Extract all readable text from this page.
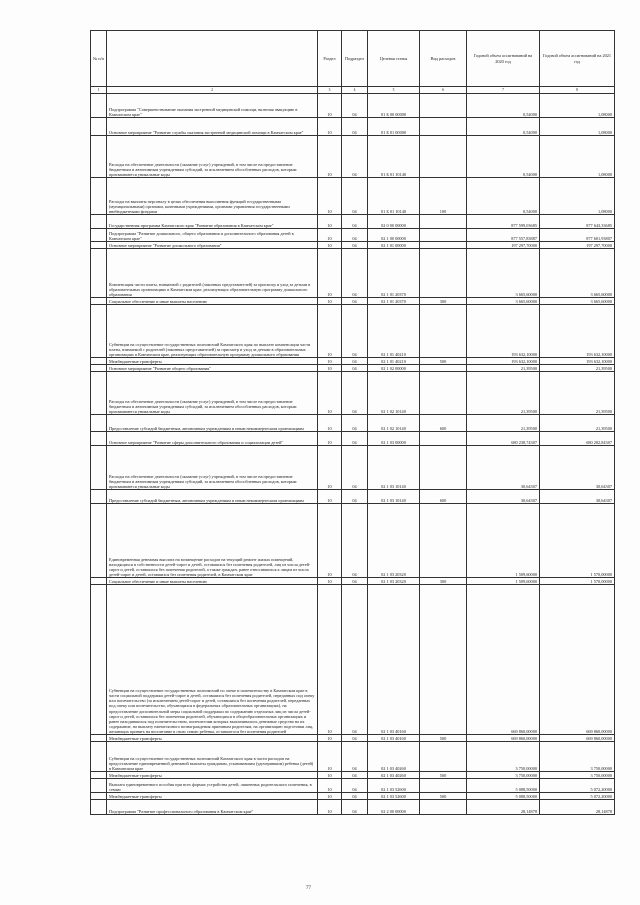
№ п/п		Раздел	Подраздел	Целевая статья	Вид расходов	Годовой объем ассигнований на 2020 год	Годовой объем ассигнований на 2021 год
1	2	3	4	5	6	7	8
	Подпрограмма "Совершенствование оказания экстренной медицинской помощи, включая эвакуацию в Камчатском крае"	10	04	01 Б 00 00000		0,54000	1,08000
	Основное мероприятие "Развитие службы оказания экстренной медицинской помощи в Камчатском крае"	10	04	01 Б 01 00000		0,54000	1,08000
	Расходы на обеспечение деятельности (оказание услуг) учреждений, в том числе на предоставление бюджетным и автономным учреждениям субсидий, за исключением обособленных расходов, которым присваиваются уникальные коды	10	04	01 Б 01 10140		0,54000	1,08000
	Расходы на выплаты персоналу в целях обеспечения выполнения функций государственными (муниципальными) органами, казенными учреждениями, органами управления государственными внебюджетными фондами	10	04	01 Б 01 10140	100	0,54000	1,08000
	Государственная программа Камчатского края "Развитие образования в Камчатском крае"	10	04	02 0 00 00000		877 599,03685	877 643,33685
	Подпрограмма "Развитие дошкольного, общего образования и дополнительного образования детей в Камчатском крае"	10	04	02 1 00 00000		877 557,83887	877 601,93807
	Основное мероприятие "Развитие дошкольного образования"	10	04	02 1 01 00000		197 297,70000	197 297,70000
	Компенсация части платы, взимаемой с родителей (законных представителей) за присмотр и уход за детьми в образовательных организациях в Камчатском крае, реализующих образовательную программу дошкольного образования	10	04	02 1 01 20370		3 665,60000	3 665,60000
	Социальное обеспечение и иные выплаты населению	10	04	02 1 01 20370	300	3 665,60000	3 665,60000
	Субвенции на осуществление государственных полномочий Камчатского края по выплате компенсации части платы, взимаемой с родителей (законных представителей) за присмотр и уход за детьми в образовательных организациях в Камчатском крае, реализующих образовательную программу дошкольного образования	10	04	02 1 01 40210		193 632,10000	193 632,10000
	Межбюджетные трансферты	10	04	02 1 01 40210	500	193 632,10000	193 632,10000
	Основное мероприятие "Развитие общего образования"	10	04	02 1 02 00000		21,39500	21,39500
	Расходы на обеспечение деятельности (оказание услуг) учреждений, в том числе на предоставление бюджетным и автономным учреждениям субсидий, за исключением обособленных расходов, которым присваиваются уникальные коды	10	04	02 1 02 10140		21,39500	21,39500
	Предоставление субсидий бюджетным, автономным учреждениям и иным некоммерческим организациям	10	04	02 1 02 10140	600	21,39500	21,39500
	Основное мероприятие "Развитие сферы дополнительного образования и социализации детей"	10	04	02 1 03 00000		680 238,74307	680 282,84307
	Расходы на обеспечение деятельности (оказание услуг) учреждений, в том числе на предоставление бюджетным и автономным учреждениям субсидий, за исключением обособленных расходов, которым присваиваются уникальные коды	10	04	02 1 03 10140		30,64307	30,64307
	Предоставление субсидий бюджетным, автономным учреждениям и иным некоммерческим организациям	10	04	02 1 03 10140	600	30,64307	30,64307
	Единовременная денежная выплата на возмещение расходов на текущий ремонт жилых помещений, находящихся в собственности детей-сирот и детей, оставшихся без попечения родителей, лиц из числа детей-сирот и детей, оставшихся без попечения родителей, а также граждан, ранее относившихся к лицам из числа детей-сирот и детей, оставшихся без попечения родителей, в Камчатском крае	10	04	02 1 03 20320		1 509,60000	1 570,00000
	Социальное обеспечение и иные выплаты населению	10	04	02 1 03 20320	300	1 509,60000	1 570,00000
	Субвенции на осуществление государственных полномочий по опеке и попечительству в Камчатском крае в части социальной поддержки детей-сирот и детей, оставшихся без попечения родителей, переданных под опеку или попечительство (за исключением детей-сирот и детей, оставшихся без попечения родителей, переданных под опеку или попечительство, обучающихся в федеральных образовательных организациях), на предоставление дополнительной меры социальной поддержки по содержанию отдельных лиц из числа детей-сирот и детей, оставшихся без попечения родителей, обучающихся в общеобразовательных организациях и ранее находившихся под попечительством, попечителям которых выплачивались денежные средства на их содержание, на выплату ежемесячного вознаграждения приемным родителям, на организацию подготовки лиц, желающих принять на воспитание в свою семью ребенка, оставшегося без попечения родителей	10	04	02 1 03 40160		669 860,00000	669 860,00000
	Межбюджетные трансферты	10	04	02 1 03 40160	500	669 860,00000	669 860,00000
	Субвенции на осуществление государственных полномочий Камчатского края в части расходов на предоставление единовременной денежной выплаты гражданам, усыновившим (удочерившим) ребенка (детей) в Камчатском крае	10	04	02 1 03 40260		3 750,00000	3 750,00000
	Межбюджетные трансферты	10	04	02 1 03 40260	500	3 750,00000	3 750,00000
	Выплата единовременного пособия при всех формах устройства детей, лишенных родительского попечения, в семью	10	04	02 1 03 52600		5 088,50000	5 072,20000
	Межбюджетные трансферты	10	04	02 1 03 52600	500	5 088,50000	5 072,20000
	Подпрограмма "Развитие профессионального образования в Камчатском крае"	10	04	02 2 00 00000		28,14878	28,14878
77
